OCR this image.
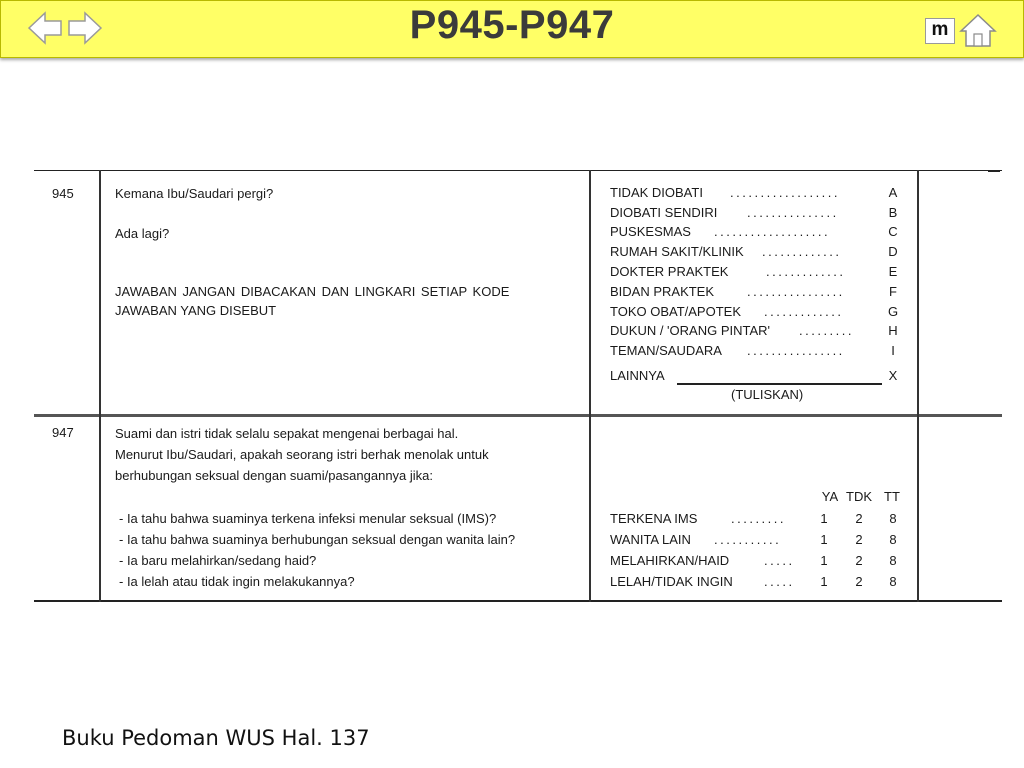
P945-P947	m
945	Kemana Ibu/Saudari pergi?
Ada lagi?
JAWABAN JANGAN DIBACAKAN DAN LINGKARI SETIAP KODE
JAWABAN YANG DISEBUT
TIDAK DIOBATI ..................	A
DIOBATI SENDIRI ...............	B
PUSKESMAS ...................	C
RUMAH SAKIT/KLINIK .............	D
DOKTER PRAKTEK	.............	E
BIDAN PRAKTEK	................	F
TOKO OBAT/APOTEK .............	G
DUKUN / 'ORANG PINTAR' .........	H
TEMAN/SAUDARA ................	I
LAINNYA	X
(TULISKAN)
947	Suami dan istri tidak selalu sepakat mengenai berbagai hal.
Menurut Ibu/Saudari, apakah seorang istri berhak menolak untuk
berhubungan seksual dengan suami/pasangannya jika:
- Ia tahu bahwa suaminya terkena infeksi menular seksual (IMS)?
- Ia tahu bahwa suaminya berhubungan seksual dengan wanita lain?
- Ia baru melahirkan/sedang haid?
- Ia lelah atau tidak ingin melakukannya?
YA TDK TT
TERKENA IMS	.........	1 2 8
WANITA LAIN ...........	1 2 8
MELAHIRKAN/HAID	..... 1 2 8
LELAH/TIDAK INGIN ..... 1 2 8
Buku Pedoman WUS Hal. 137
